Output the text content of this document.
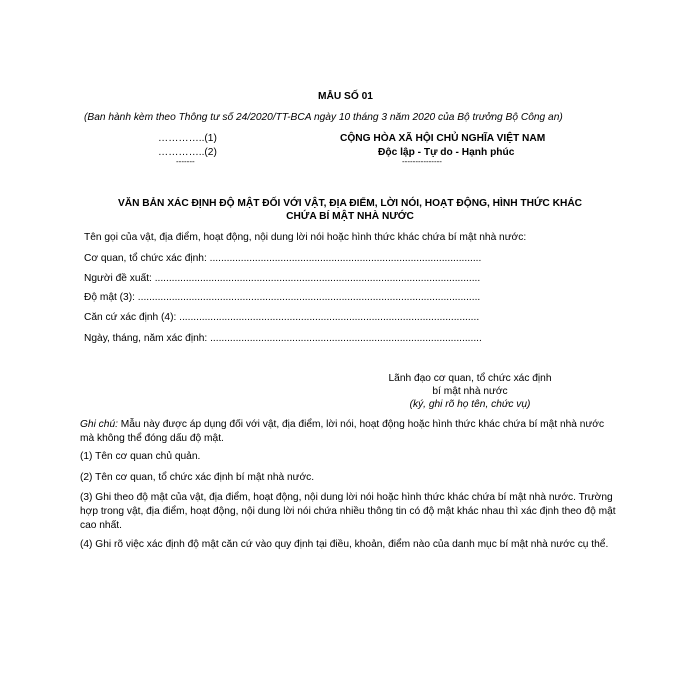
MẪU SỐ 01
(Ban hành kèm theo Thông tư số 24/2020/TT-BCA ngày 10 tháng 3 năm 2020 của Bộ trưởng Bộ Công an)
…………..(1)
…………..(2)
-------
CỘNG HÒA XÃ HỘI CHỦ NGHĨA VIỆT NAM
Độc lập - Tự do - Hạnh phúc
---------------
VĂN BẢN XÁC ĐỊNH ĐỘ MẬT ĐỐI VỚI VẬT, ĐỊA ĐIỂM, LỜI NÓI, HOẠT ĐỘNG, HÌNH THỨC KHÁC
CHỨA BÍ MẬT NHÀ NƯỚC
Tên gọi của vật, địa điểm, hoạt động, nội dung lời nói hoặc hình thức khác chứa bí mật nhà nước:
Cơ quan, tổ chức xác định: ................................................................................................
Người đề xuất: ...................................................................................................................
Độ mật (3): .........................................................................................................................
Căn cứ xác định (4): ..........................................................................................................
Ngày, tháng, năm xác định: ................................................................................................
Lãnh đạo cơ quan, tổ chức xác định
bí mật nhà nước
(ký, ghi rõ họ tên, chức vụ)
Ghi chú: Mẫu này được áp dụng đối với vật, địa điểm, lời nói, hoạt động hoặc hình thức khác chứa bí mật nhà nước mà không thể đóng dấu độ mật.
(1) Tên cơ quan chủ quản.
(2) Tên cơ quan, tổ chức xác định bí mật nhà nước.
(3) Ghi theo độ mật của vật, địa điểm, hoạt động, nội dung lời nói hoặc hình thức khác chứa bí mật nhà nước. Trường hợp trong vật, địa điểm, hoạt động, nội dung lời nói chứa nhiều thông tin có độ mật khác nhau thì xác định theo độ mật cao nhất.
(4) Ghi rõ việc xác định độ mật căn cứ vào quy định tại điều, khoản, điểm nào của danh mục bí mật nhà nước cụ thể.
